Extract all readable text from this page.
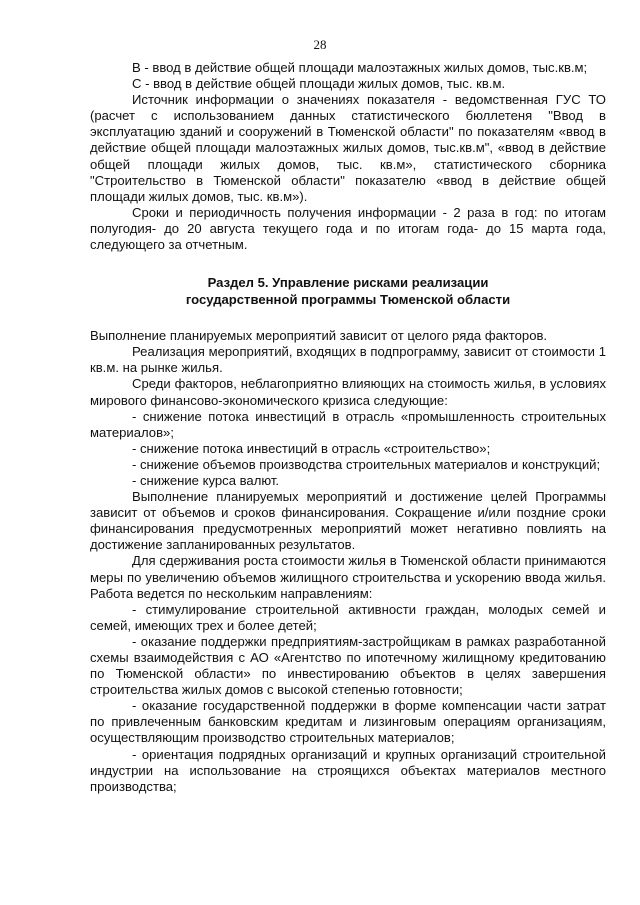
28

В - ввод в действие общей площади малоэтажных жилых домов, тыс.кв.м;

С - ввод в действие общей площади жилых домов, тыс. кв.м.

Источник информации о значениях показателя - ведомственная ГУС ТО (расчет с использованием данных статистического бюллетеня "Ввод в эксплуатацию зданий и сооружений в Тюменской области" по показателям «ввод в действие общей площади малоэтажных жилых домов, тыс.кв.м", «ввод в действие общей площади жилых домов, тыс. кв.м», статистического сборника "Строительство в Тюменской области" показателю «ввод в действие общей площади жилых домов, тыс. кв.м»).

Сроки и периодичность получения информации - 2 раза в год: по итогам полугодия- до 20 августа текущего года и по итогам года- до 15 марта года, следующего за отчетным.

Раздел 5. Управление рисками реализации

государственной программы Тюменской области

Выполнение планируемых мероприятий зависит от целого ряда факторов.

Реализация мероприятий, входящих в подпрограмму, зависит от стоимости 1 кв.м. на рынке жилья.

Среди факторов, неблагоприятно влияющих на стоимость жилья, в условиях мирового финансово-экономического кризиса следующие:

- снижение потока инвестиций в отрасль «промышленность строительных материалов»;

- снижение потока инвестиций в отрасль «строительство»;

- снижение объемов производства строительных материалов и конструкций;

- снижение курса валют.

Выполнение планируемых мероприятий и достижение целей Программы зависит от объемов и сроков финансирования. Сокращение и/или поздние сроки финансирования предусмотренных мероприятий может негативно повлиять на достижение запланированных результатов.

Для сдерживания роста стоимости жилья в Тюменской области принимаются меры по увеличению объемов жилищного строительства и ускорению ввода жилья. Работа ведется по нескольким направлениям:

- стимулирование строительной активности граждан, молодых семей и семей, имеющих трех и более детей;

- оказание поддержки предприятиям-застройщикам в рамках разработанной схемы взаимодействия с АО «Агентство по ипотечному жилищному кредитованию по Тюменской области» по инвестированию объектов в целях завершения строительства жилых домов с высокой степенью готовности;

- оказание государственной поддержки в форме компенсации части затрат по привлеченным банковским кредитам и лизинговым операциям организациям, осуществляющим производство строительных материалов;

- ориентация подрядных организаций и крупных организаций строительной индустрии на использование на строящихся объектах материалов местного производства;
